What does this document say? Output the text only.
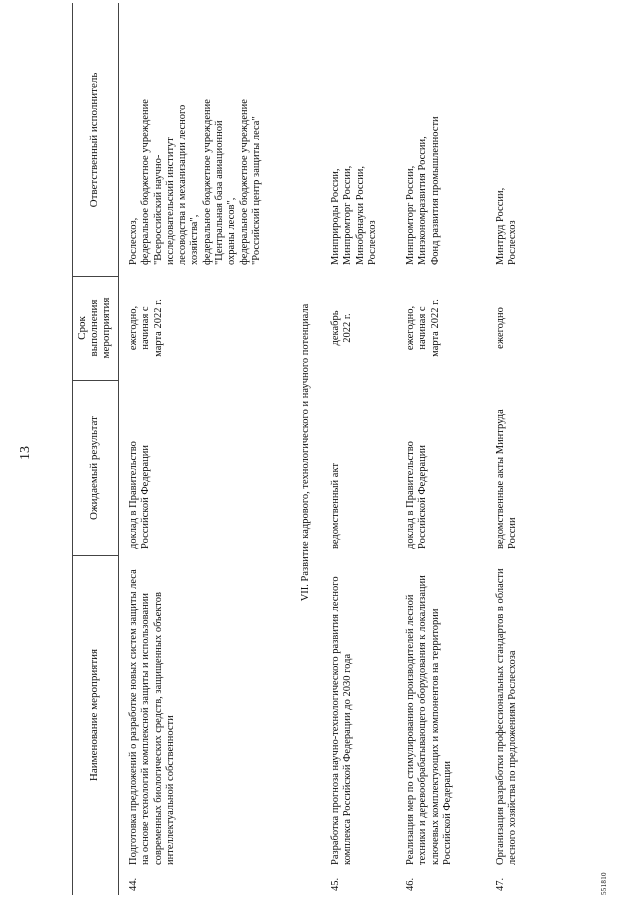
13
Наименование мероприятия
Ожидаемый результат
Срок выполнения мероприятия
Ответственный исполнитель
44.
Подготовка предложений о разработке новых систем защиты леса на основе технологий комплексной защиты и использовании современных биологических средств, защищенных объектов интеллектуальной собственности
доклад в Правительство Российской Федерации
ежегодно, начиная с марта 2022 г.
Рослесхоз, федеральное бюджетное учреждение "Всероссийский научно- исследовательский институт лесоводства и механизации лесного хозяйства", федеральное бюджетное учреждение "Центральная база авиационной охраны лесов", федеральное бюджетное учреждение "Российский центр защиты леса"
VII. Развитие кадрового, технологического и научного потенциала
45.
Разработка прогноза научно-технологического развития лесного комплекса Российской Федерации до 2030 года
ведомственный акт
декабрь 2022 г.
Минприроды России, Минпромторг России, Минобрнауки России, Рослесхоз
46.
Реализация мер по стимулированию производителей лесной техники и деревообрабатывающего оборудования к локализации ключевых комплектующих и компонентов на территории Российской Федерации
доклад в Правительство Российской Федерации
ежегодно, начиная с марта 2022 г.
Минпромторг России, Минэкономразвития России, Фонд развития промышленности
47.
Организация разработки профессиональных стандартов в области лесного хозяйства по предложениям Рослесхоза
ведомственные акты Минтруда России
ежегодно
Минтруд России, Рослесхоз
551810
